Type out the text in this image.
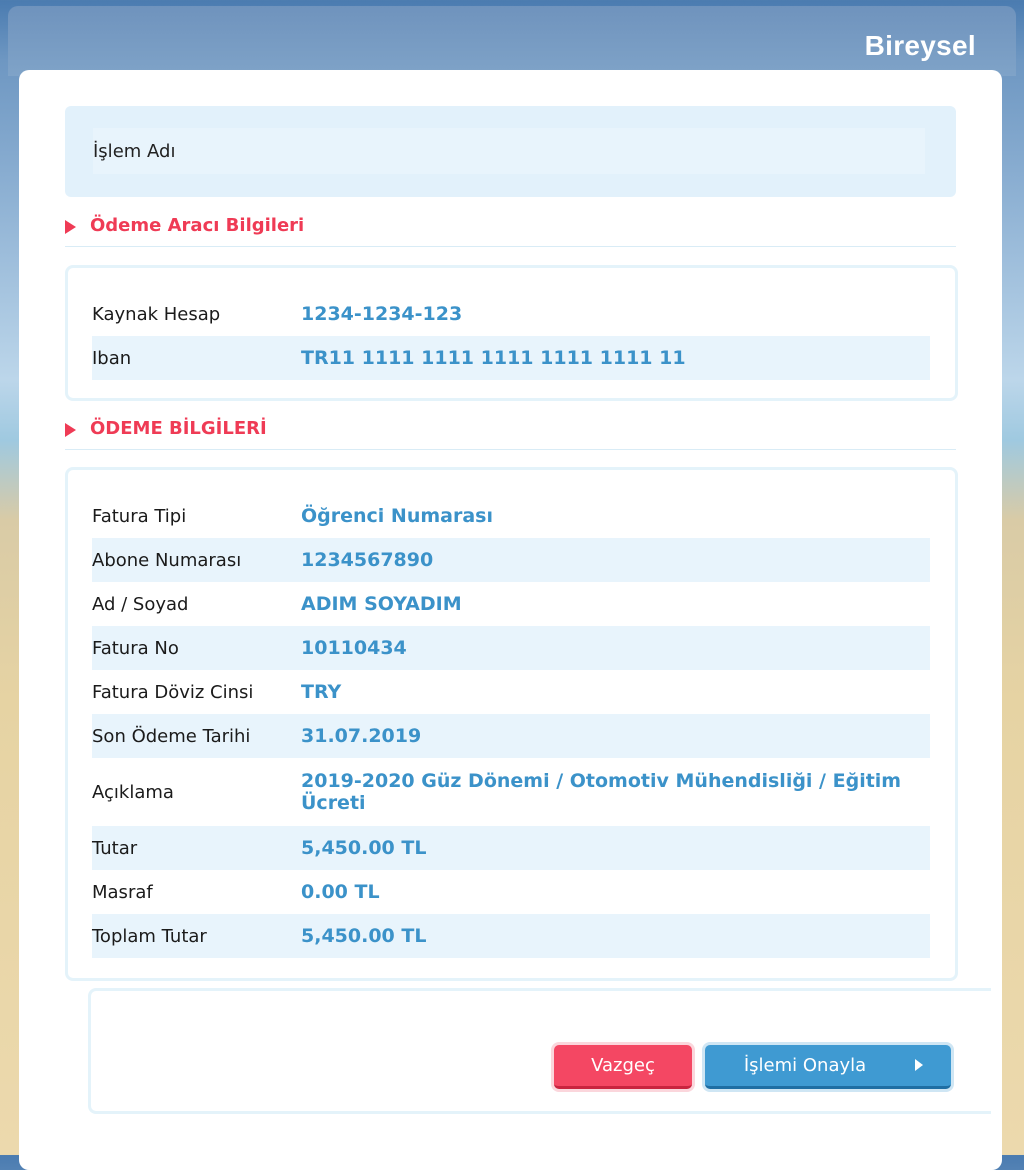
Bireysel
İşlem Adı
Ödeme Aracı Bilgileri
Kaynak Hesap	1234-1234-123
Iban	TR11 1111 1111 1111 1111 1111 11
ÖDEME BİLGİLERİ
Fatura Tipi	Öğrenci Numarası
Abone Numarası	1234567890
Ad / Soyad	ADIM SOYADIM
Fatura No	10110434
Fatura Döviz Cinsi	TRY
Son Ödeme Tarihi	31.07.2019
Açıklama	2019-2020 Güz Dönemi / Otomotiv Mühendisliği / Eğitim Ücreti
Tutar	5,450.00 TL
Masraf	0.00 TL
Toplam Tutar	5,450.00 TL
Vazgeç	İşlemi Onayla
